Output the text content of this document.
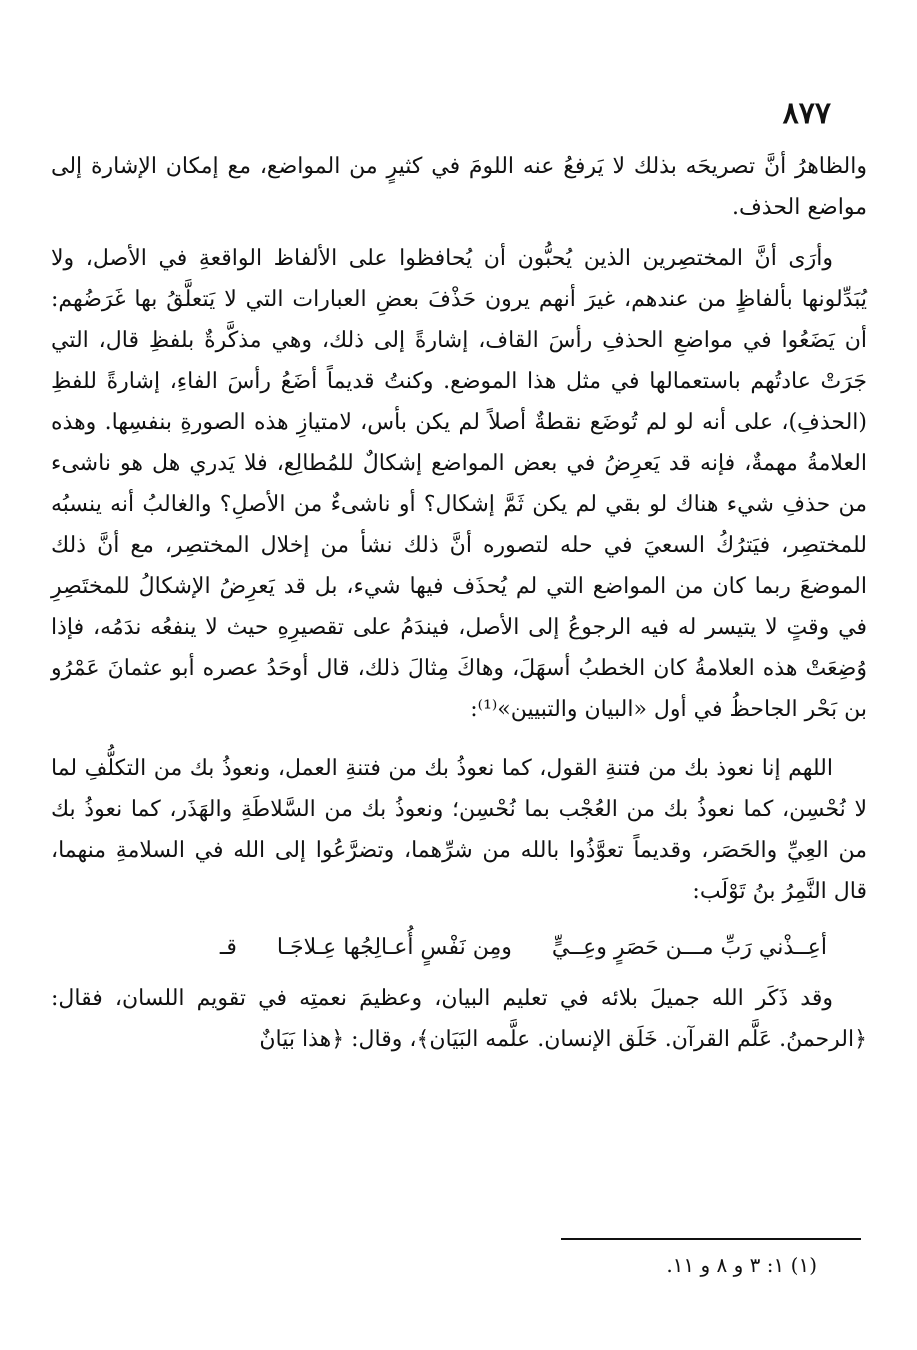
٨٧٧

والظاهرُ أنَّ تصريحَه بذلك لا يَرفعُ عنه اللومَ في كثيرٍ من المواضع، مع إمكان الإشارة إلى مواضع الحذف.

وأرَى أنَّ المختصِرين الذين يُحبُّون أن يُحافظوا على الألفاظ الواقعةِ في الأصل، ولا يُبَدِّلونها بألفاظٍ من عندهم، غيرَ أنهم يرون حَذْفَ بعضِ العبارات التي لا يَتعلَّقُ بها غَرَضُهم: أن يَضَعُوا في مواضعِ الحذفِ رأسَ القاف، إشارةً إلى ذلك، وهي مذكَّرةٌ بلفظِ قال، التي جَرَتْ عادتُهم باستعمالها في مثل هذا الموضع. وكنتُ قديماً أضَعُ رأسَ الفاءِ، إشارةً للفظِ (الحذفِ)، على أنه لو لم تُوضَع نقطةٌ أصلاً لم يكن بأس، لامتيازِ هذه الصورةِ بنفسِها. وهذه العلامةُ مهمةٌ، فإنه قد يَعرِضُ في بعض المواضع إشكالٌ للمُطالِع، فلا يَدري هل هو ناشىء من حذفِ شيء هناك لو بقي لم يكن ثَمَّ إشكال؟ أو ناشىءٌ من الأصلِ؟ والغالبُ أنه ينسبُه للمختصِر، فيَترُكُ السعيَ في حله لتصوره أنَّ ذلك نشأ من إخلال المختصِر، مع أنَّ ذلك الموضعَ ربما كان من المواضع التي لم يُحذَف فيها شيء، بل قد يَعرِضُ الإشكالُ للمختَصِرِ في وقتٍ لا يتيسر له فيه الرجوعُ إلى الأصل، فيندَمُ على تقصيرِهِ حيث لا ينفعُه ندَمُه، فإذا وُضِعَتْ هذه العلامةُ كان الخطبُ أسهَلَ، وهاكَ مِثالَ ذلك، قال أوحَدُ عصره أبو عثمانَ عَمْرُو بن بَحْر الجاحظُ في أول «البيان والتبيين»⁽¹⁾:

اللهم إنا نعوذ بك من فتنةِ القول، كما نعوذُ بك من فتنةِ العمل، ونعوذُ بك من التكلُّفِ لما لا نُحْسِن، كما نعوذُ بك من العُجْب بما نُحْسِن؛ ونعوذُ بك من السَّلاطَةِ والهَذَر، كما نعوذُ بك من العِيِّ والحَصَر، وقديماً تعوَّذُوا بالله من شرِّهما، وتضرَّعُوا إلى الله في السلامةِ منهما، قال النَّمِرُ بنُ تَوْلَب:

أعِــذْني رَبِّ مـــن حَصَرٍ وعِــيٍّ
ومِن نَفْسٍ أُعـالِجُها عِـلاجَـا
قـ

وقد ذَكَر الله جميلَ بلائه في تعليم البيان، وعظيمَ نعمتِه في تقويم اللسان، فقال: ﴿الرحمنُ. عَلَّم القرآن. خَلَق الإنسان. علَّمه البَيَان﴾، وقال: ﴿هذا بَيَانٌ

(١) ١: ٣ و ٨ و ١١.
